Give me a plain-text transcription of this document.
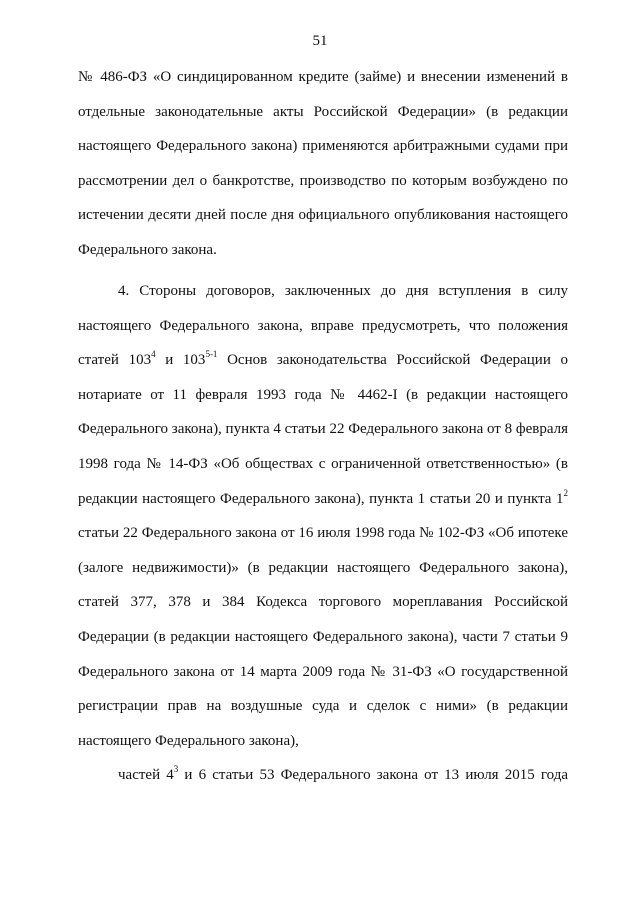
51
№ 486-ФЗ «О синдицированном кредите (займе) и внесении изменений в отдельные законодательные акты Российской Федерации» (в редакции настоящего Федерального закона) применяются арбитражными судами при рассмотрении дел о банкротстве, производство по которым возбуждено по истечении десяти дней после дня официального опубликования настоящего Федерального закона.
4. Стороны договоров, заключенных до дня вступления в силу настоящего Федерального закона, вправе предусмотреть, что положения статей $103^4$ и 103$^{5-1}$ Основ законодательства Российской Федерации о нотариате от 11 февраля 1993 года № 4462-I (в редакции настоящего Федерального закона), пункта 4 статьи 22 Федерального закона от 8 февраля 1998 года № 14-ФЗ «Об обществах с ограниченной ответственностью» (в редакции настоящего Федерального закона), пункта 1 статьи 20 и пункта $1^2$ статьи 22 Федерального закона от 16 июля 1998 года № 102-ФЗ «Об ипотеке (залоге недвижимости)» (в редакции настоящего Федерального закона), статей 377, 378 и 384 Кодекса торгового мореплавания Российской Федерации (в редакции настоящего Федерального закона), части 7 статьи 9 Федерального закона от 14 марта 2009 года № 31-ФЗ «О государственной регистрации прав на воздушные суда и сделок с ними» (в редакции настоящего Федерального закона),
частей $4^3$ и 6 статьи 53 Федерального закона от 13 июля 2015 года
